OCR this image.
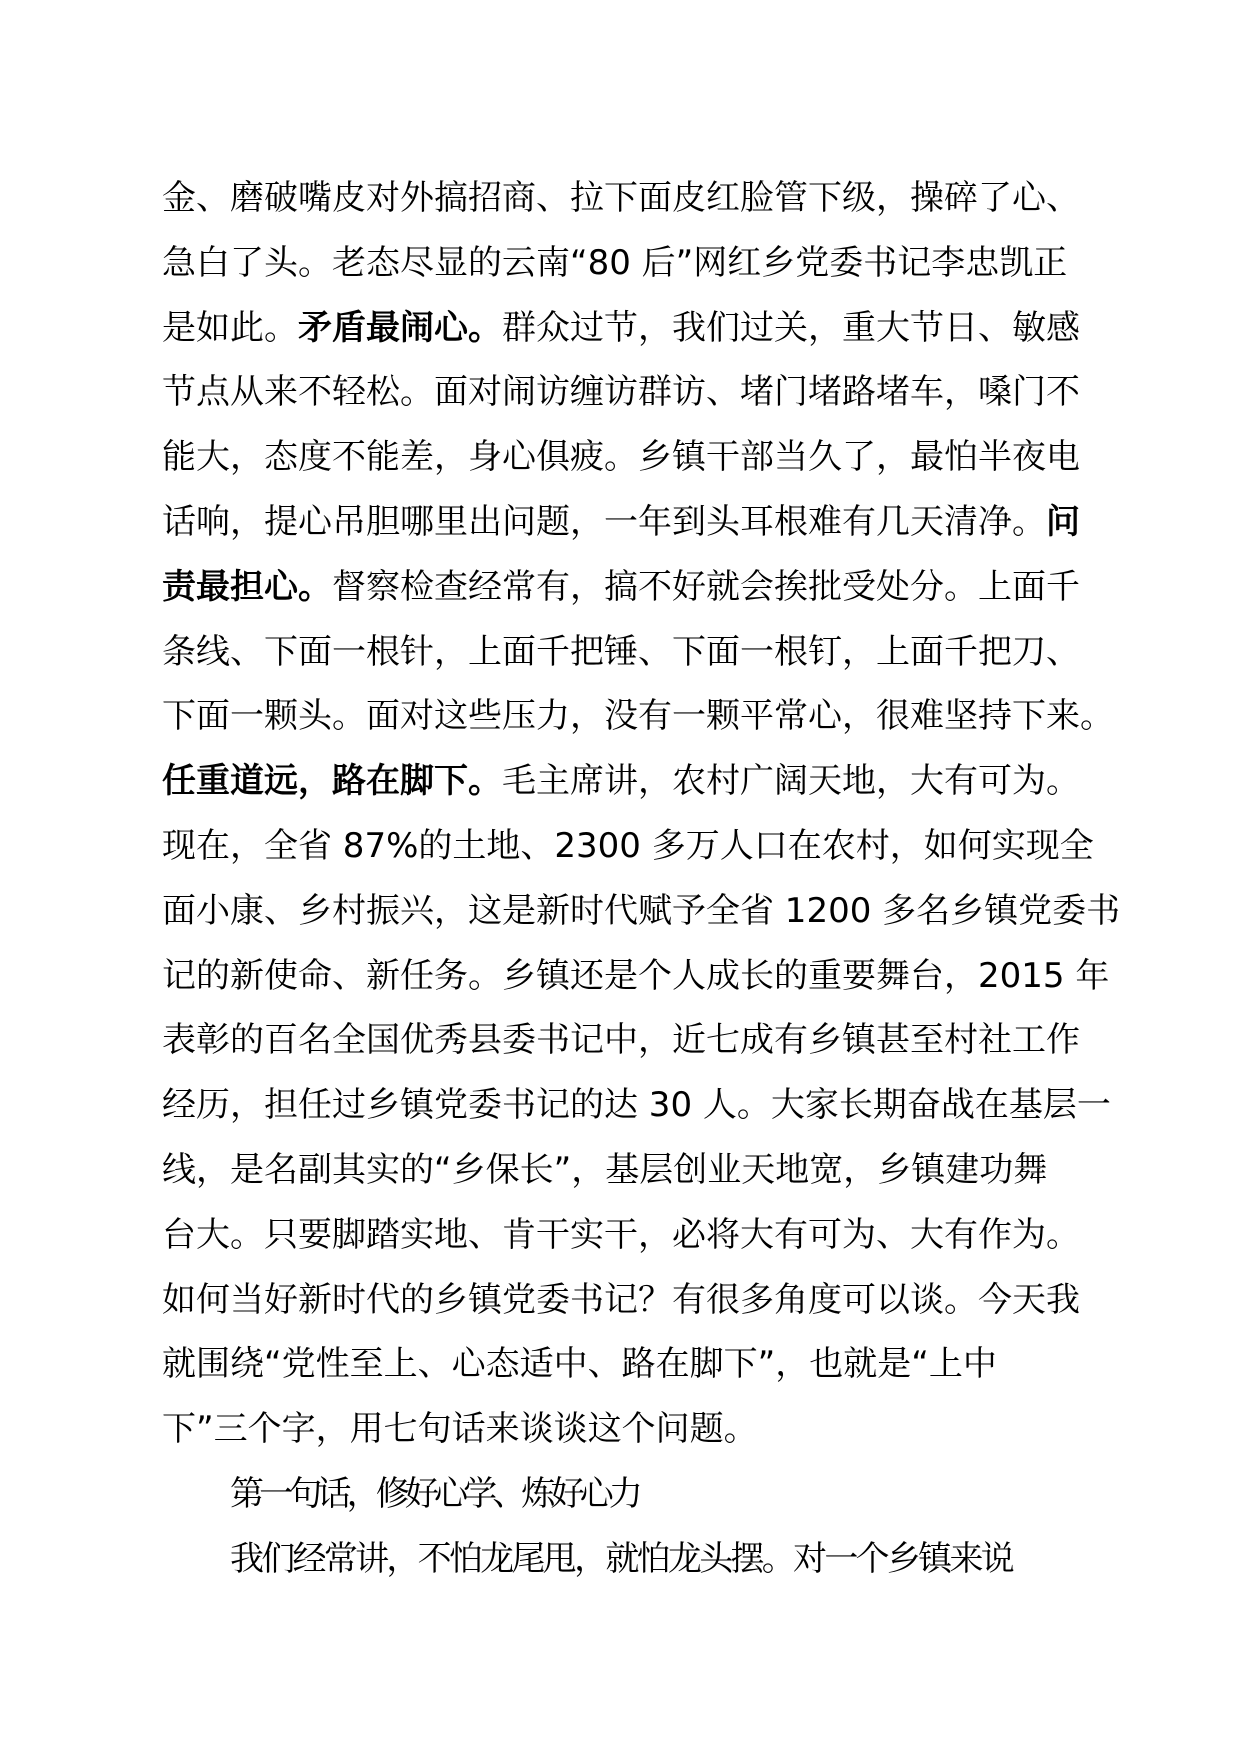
金、磨破嘴皮对外搞招商、拉下面皮红脸管下级，操碎了心、
急白了头。老态尽显的云南“80 后”网红乡党委书记李忠凯正
是如此。矛盾最闹心。群众过节，我们过关，重大节日、敏感
节点从来不轻松。面对闹访缠访群访、堵门堵路堵车，嗓门不
能大，态度不能差，身心俱疲。乡镇干部当久了，最怕半夜电
话响，提心吊胆哪里出问题，一年到头耳根难有几天清净。问
责最担心。督察检查经常有，搞不好就会挨批受处分。上面千
条线、下面一根针，上面千把锤、下面一根钉，上面千把刀、
下面一颗头。面对这些压力，没有一颗平常心，很难坚持下来。
任重道远，路在脚下。毛主席讲，农村广阔天地，大有可为。
现在，全省 87%的土地、2300 多万人口在农村，如何实现全
面小康、乡村振兴，这是新时代赋予全省 1200 多名乡镇党委书
记的新使命、新任务。乡镇还是个人成长的重要舞台，2015 年
表彰的百名全国优秀县委书记中，近七成有乡镇甚至村社工作
经历，担任过乡镇党委书记的达 30 人。大家长期奋战在基层一
线，是名副其实的“乡保长”，基层创业天地宽，乡镇建功舞
台大。只要脚踏实地、肯干实干，必将大有可为、大有作为。
如何当好新时代的乡镇党委书记？有很多角度可以谈。今天我
就围绕“党性至上、心态适中、路在脚下”，也就是“上中
下”三个字，用七句话来谈谈这个问题。
第一句话，修好心学、炼好心力
我们经常讲，不怕龙尾甩，就怕龙头摆。对一个乡镇来说
